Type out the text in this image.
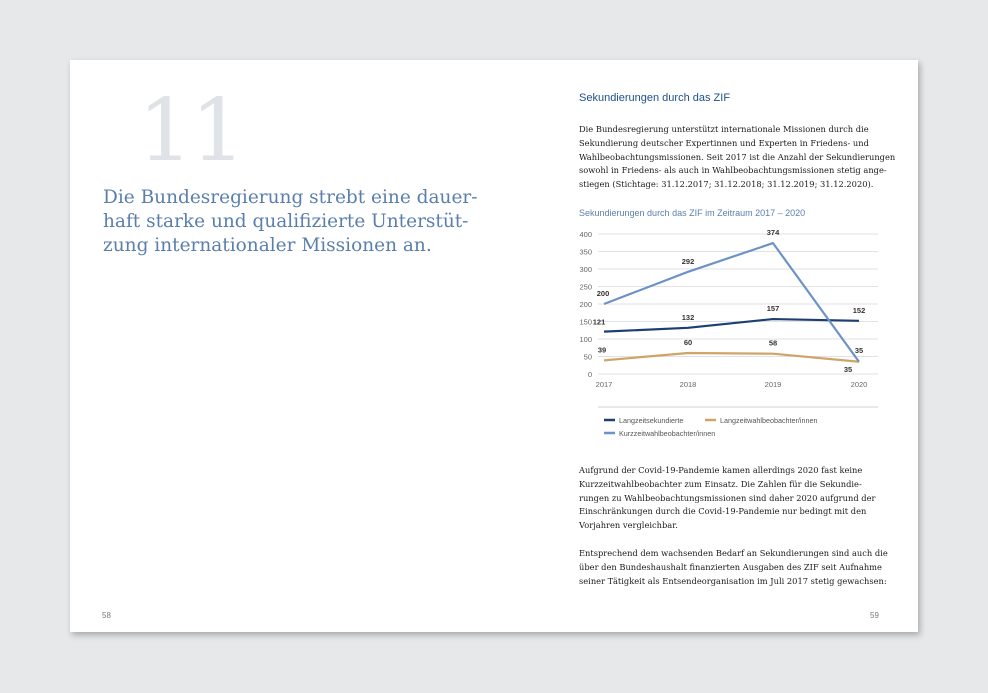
11
Die Bundesregierung strebt eine dauer-
haft starke und qualifizierte Unterstüt-
zung internationaler Missionen an.
58
Sekundierungen durch das ZIF
Die Bundesregierung unterstützt internationale Missionen durch die
Sekundierung deutscher Expertinnen und Experten in Friedens- und
Wahlbeobachtungsmissionen. Seit 2017 ist die Anzahl der Sekundierungen
sowohl in Friedens- als auch in Wahlbeobachtungsmissionen stetig ange-
stiegen (Stichtage: 31.12.2017; 31.12.2018; 31.12.2019; 31.12.2020).
Sekundierungen durch das ZIF im Zeitraum 2017 – 2020
0
50
100
150
200
250
300
350
400
2017	2018	2019	2020
121
132
157	152
39
60	58
35
200
292
374
35
Langzeitsekundierte	Langzeitwahlbeobachter/innen
Kurzzeitwahlbeobachter/innen
Aufgrund der Covid-19-Pandemie kamen allerdings 2020 fast keine
Kurzzeitwahlbeobachter zum Einsatz. Die Zahlen für die Sekundie-
rungen zu Wahlbeobachtungsmissionen sind daher 2020 aufgrund der
Einschränkungen durch die Covid-19-Pandemie nur bedingt mit den
Vorjahren vergleichbar.
Entsprechend dem wachsenden Bedarf an Sekundierungen sind auch die
über den Bundeshaushalt finanzierten Ausgaben des ZIF seit Aufnahme
seiner Tätigkeit als Entsendeorganisation im Juli 2017 stetig gewachsen:
59
